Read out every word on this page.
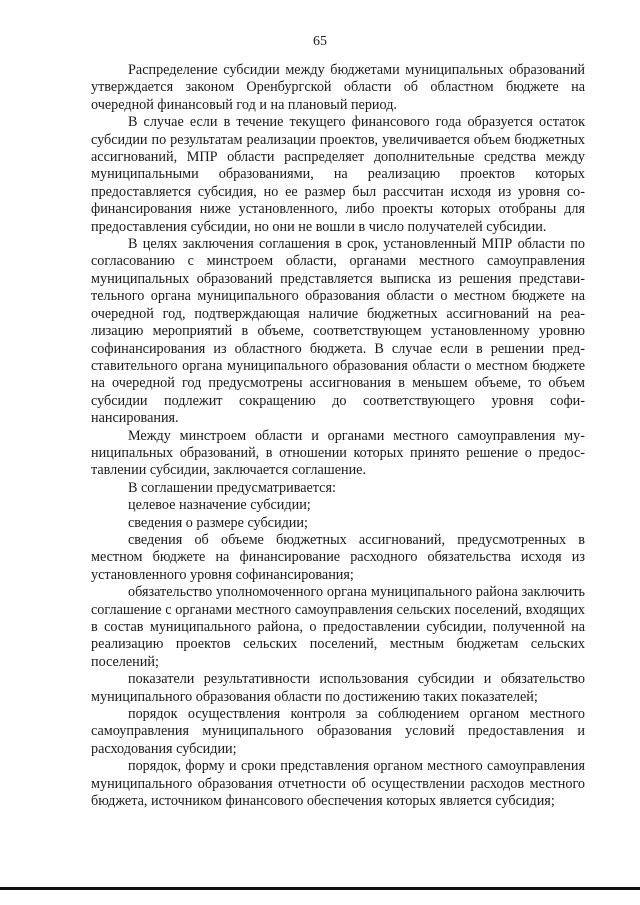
65

Распределение субсидии между бюджетами муниципальных образований утверждается законом Оренбургской области об областном бюджете на очередной финансовый год и на плановый период.

В случае если в течение текущего финансового года образуется остаток субсидии по результатам реализации проектов, увеличивается объем бюджетных ассигнований, МПР области распределяет дополнительные средства между муниципальными образованиями, на реализацию проектов которых предоставляется субсидия, но ее размер был рассчитан исходя из уровня софинансирования ниже установленного, либо проекты которых отобраны для предоставления субсидии, но они не вошли в число получателей субсидии.

В целях заключения соглашения в срок, установленный МПР области по согласованию с минстроем области, органами местного самоуправления муниципальных образований представляется выписка из решения представительного органа муниципального образования области о местном бюджете на очередной год, подтверждающая наличие бюджетных ассигнований на реализацию мероприятий в объеме, соответствующем установленному уровню софинансирования из областного бюджета. В случае если в решении представительного органа муниципального образования области о местном бюджете на очередной год предусмотрены ассигнования в меньшем объеме, то объем субсидии подлежит сокращению до соответствующего уровня софинансирования.

Между минстроем области и органами местного самоуправления муниципальных образований, в отношении которых принято решение о предоставлении субсидии, заключается соглашение.

В соглашении предусматривается:

целевое назначение субсидии;

сведения о размере субсидии;

сведения об объеме бюджетных ассигнований, предусмотренных в местном бюджете на финансирование расходного обязательства исходя из установленного уровня софинансирования;

обязательство уполномоченного органа муниципального района заключить соглашение с органами местного самоуправления сельских поселений, входящих в состав муниципального района, о предоставлении субсидии, полученной на реализацию проектов сельских поселений, местным бюджетам сельских поселений;

показатели результативности использования субсидии и обязательство муниципального образования области по достижению таких показателей;

порядок осуществления контроля за соблюдением органом местного самоуправления муниципального образования условий предоставления и расходования субсидии;

порядок, форму и сроки представления органом местного самоуправления муниципального образования отчетности об осуществлении расходов местного бюджета, источником финансового обеспечения которых является субсидия;
